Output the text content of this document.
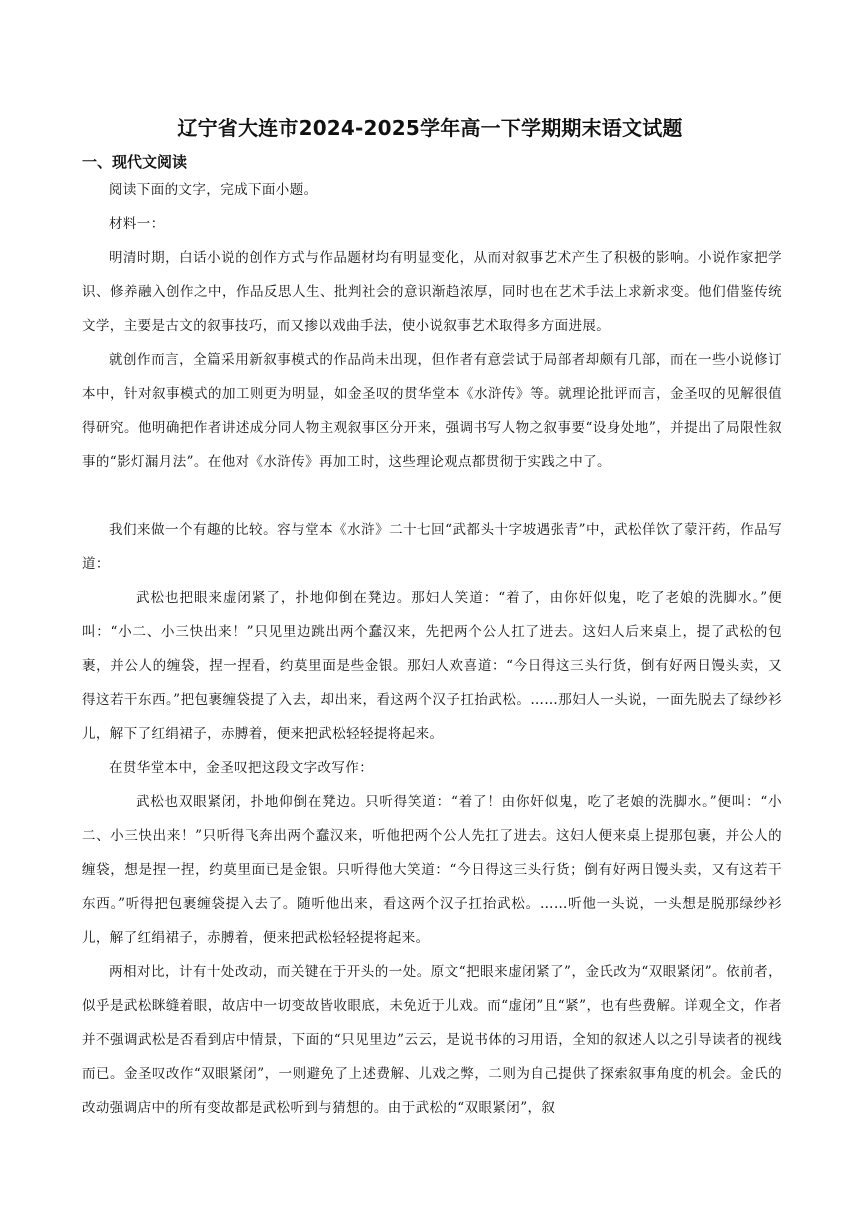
辽宁省大连市2024-2025学年高一下学期期末语文试题
一、现代文阅读

阅读下面的文字，完成下面小题。

材料一：

明清时期，白话小说的创作方式与作品题材均有明显变化，从而对叙事艺术产生了积极的影响。小说作家把学识、修养融入创作之中，作品反思人生、批判社会的意识渐趋浓厚，同时也在艺术手法上求新求变。他们借鉴传统文学，主要是古文的叙事技巧，而又掺以戏曲手法，使小说叙事艺术取得多方面进展。

就创作而言，全篇采用新叙事模式的作品尚未出现，但作者有意尝试于局部者却颇有几部，而在一些小说修订本中，针对叙事模式的加工则更为明显，如金圣叹的贯华堂本《水浒传》等。就理论批评而言，金圣叹的见解很值得研究。他明确把作者讲述成分同人物主观叙事区分开来，强调书写人物之叙事要“设身处地”，并提出了局限性叙事的“影灯漏月法”。在他对《水浒传》再加工时，这些理论观点都贯彻于实践之中了。

我们来做一个有趣的比较。容与堂本《水浒》二十七回“武都头十字坡遇张青”中，武松佯饮了蒙汗药，作品写道：

武松也把眼来虚闭紧了，扑地仰倒在凳边。那妇人笑道：“着了，由你奸似鬼，吃了老娘的洗脚水。”便叫：“小二、小三快出来！”只见里边跳出两个蠢汉来，先把两个公人扛了进去。这妇人后来桌上，提了武松的包裹，并公人的缠袋，捏一捏看，约莫里面是些金银。那妇人欢喜道：“今日得这三头行货，倒有好两日馒头卖，又得这若干东西。”把包裹缠袋提了入去，却出来，看这两个汉子扛抬武松。……那妇人一头说，一面先脱去了绿纱衫儿，解下了红绢裙子，赤膊着，便来把武松轻轻提将起来。

在贯华堂本中，金圣叹把这段文字改写作：

武松也双眼紧闭，扑地仰倒在凳边。只听得笑道：“着了！由你奸似鬼，吃了老娘的洗脚水。”便叫：“小二、小三快出来！”只听得飞奔出两个蠢汉来，听他把两个公人先扛了进去。这妇人便来桌上提那包裹，并公人的缠袋，想是捏一捏，约莫里面已是金银。只听得他大笑道：“今日得这三头行货；倒有好两日馒头卖，又有这若干东西。”听得把包裹缠袋提入去了。随听他出来，看这两个汉子扛抬武松。……听他一头说，一头想是脱那绿纱衫儿，解了红绢裙子，赤膊着，便来把武松轻轻提将起来。

两相对比，计有十处改动，而关键在于开头的一处。原文“把眼来虚闭紧了”，金氏改为“双眼紧闭”。依前者，似乎是武松眯缝着眼，故店中一切变故皆收眼底，未免近于儿戏。而“虚闭”且“紧”，也有些费解。详观全文，作者并不强调武松是否看到店中情景，下面的“只见里边”云云，是说书体的习用语，全知的叙述人以之引导读者的视线而已。金圣叹改作“双眼紧闭”，一则避免了上述费解、儿戏之弊，二则为自己提供了探索叙事角度的机会。金氏的改动强调店中的所有变故都是武松听到与猜想的。由于武松的“双眼紧闭”，叙
